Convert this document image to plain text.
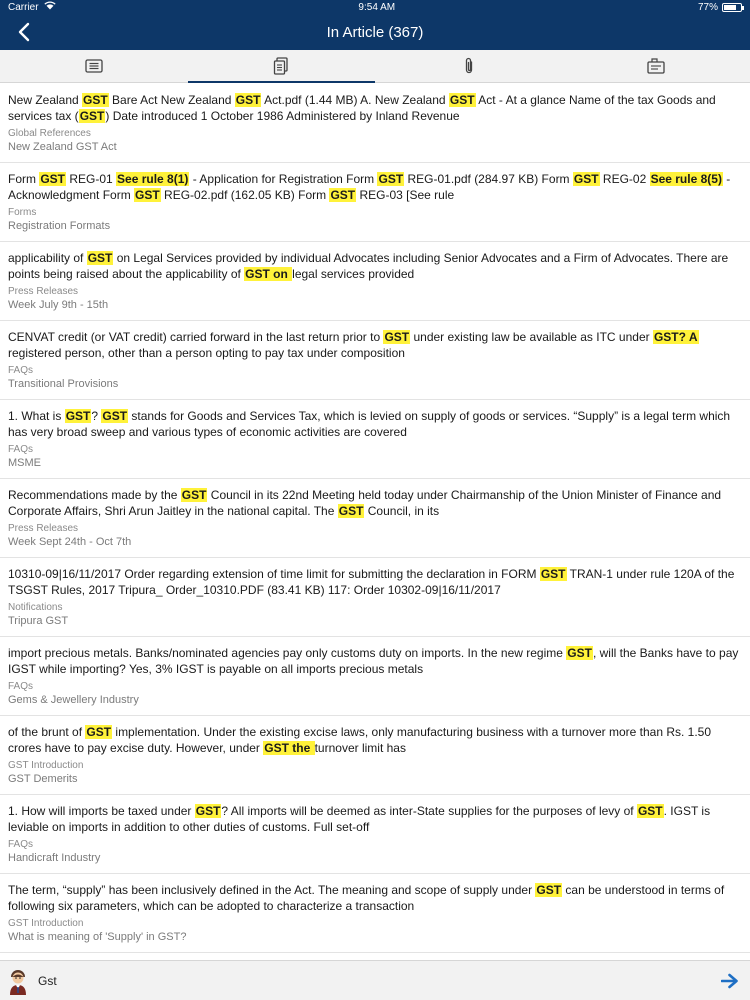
Carrier	9:54 AM	77%
In Article (367)
New Zealand GST Bare Act New Zealand GST Act.pdf (1.44 MB) A. New Zealand GST Act - At a glance Name of the tax Goods and services tax (GST) Date introduced 1 October 1986 Administered by Inland Revenue
Global References
New Zealand GST Act
Form GST REG-01 See rule 8(1) - Application for Registration Form GST REG-01.pdf (284.97 KB) Form GST REG-02 See rule 8(5) - Acknowledgment Form GST REG-02.pdf (162.05 KB) Form GST REG-03 [See rule
Forms
Registration Formats
applicability of GST on Legal Services provided by individual Advocates including Senior Advocates and a Firm of Advocates. There are points being raised about the applicability of GST on legal services provided
Press Releases
Week July 9th - 15th
CENVAT credit (or VAT credit) carried forward in the last return prior to GST under existing law be available as ITC under GST? A registered person, other than a person opting to pay tax under composition
FAQs
Transitional Provisions
1. What is GST? GST stands for Goods and Services Tax, which is levied on supply of goods or services. “Supply” is a legal term which has very broad sweep and various types of economic activities are covered
FAQs
MSME
Recommendations made by the GST Council in its 22nd Meeting held today under Chairmanship of the Union Minister of Finance and Corporate Affairs, Shri Arun Jaitley in the national capital. The GST Council, in its
Press Releases
Week Sept 24th - Oct 7th
10310-09|16/11/2017 Order regarding extension of time limit for submitting the declaration in FORM GST TRAN-1 under rule 120A of the TSGST Rules, 2017 Tripura_ Order_10310.PDF (83.41 KB) 117: Order 10302-09|16/11/2017
Notifications
Tripura GST
import precious metals. Banks/nominated agencies pay only customs duty on imports. In the new regime GST, will the Banks have to pay IGST while importing? Yes, 3% IGST is payable on all imports precious metals
FAQs
Gems & Jewellery Industry
of the brunt of GST implementation. Under the existing excise laws, only manufacturing business with a turnover more than Rs. 1.50 crores have to pay excise duty. However, under GST the turnover limit has
GST Introduction
GST Demerits
1. How will imports be taxed under GST? All imports will be deemed as inter-State supplies for the purposes of levy of GST. IGST is leviable on imports in addition to other duties of customs. Full set-off
FAQs
Handicraft Industry
The term, “supply” has been inclusively defined in the Act. The meaning and scope of supply under GST can be understood in terms of following six parameters, which can be adopted to characterize a transaction
GST Introduction
What is meaning of 'Supply' in GST?
Gst
